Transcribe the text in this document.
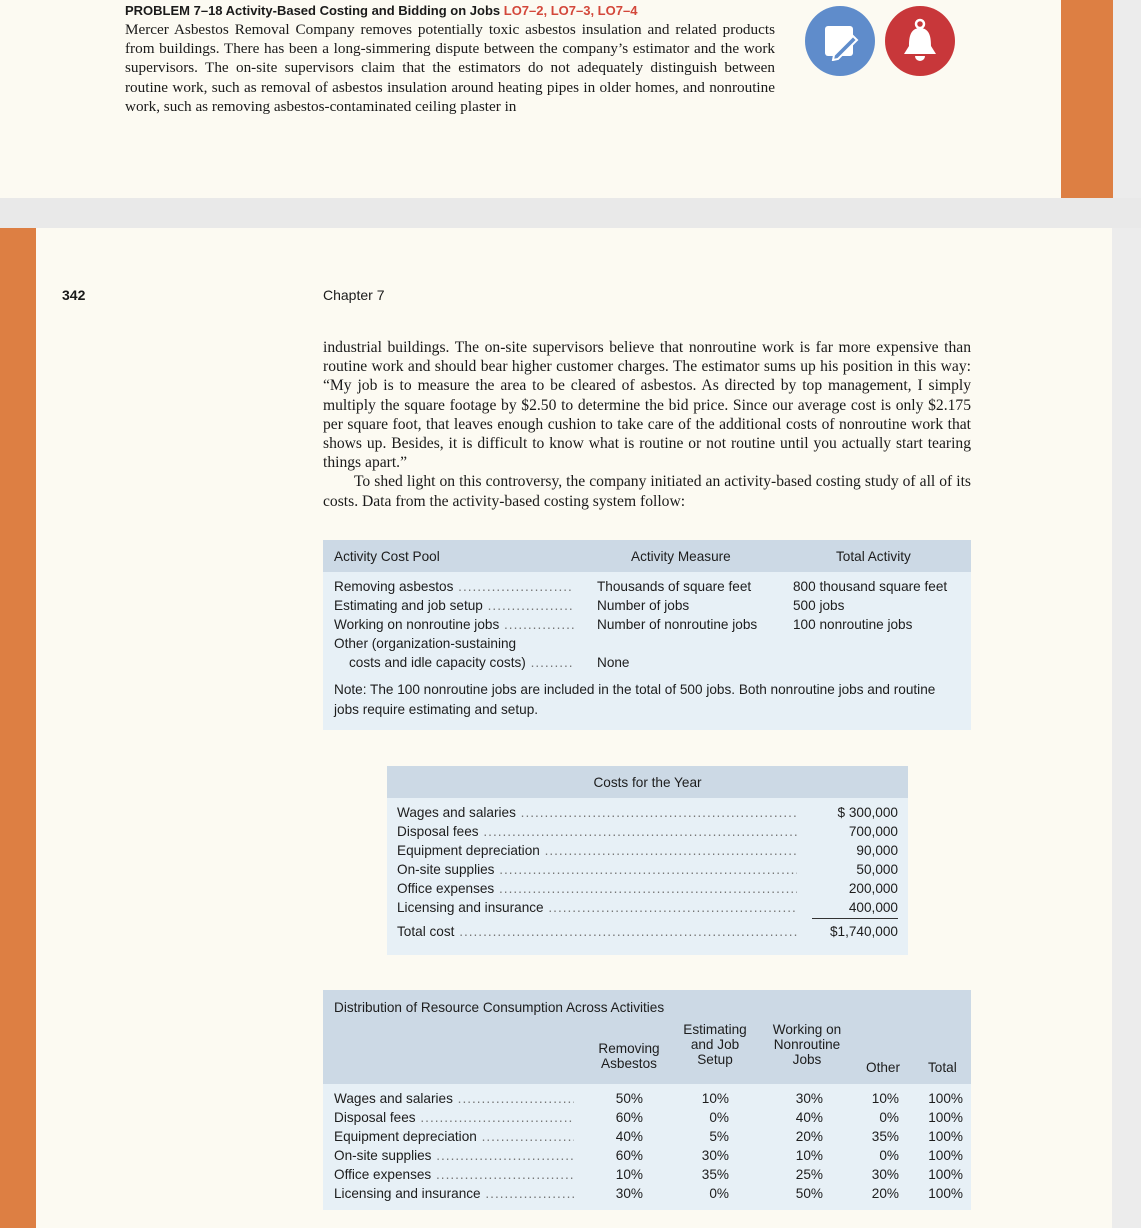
PROBLEM 7–18 Activity-Based Costing and Bidding on Jobs LO7–2, LO7–3, LO7–4
Mercer Asbestos Removal Company removes potentially toxic asbestos insulation and related products from buildings. There has been a long-simmering dispute between the company’s estimator and the work supervisors. The on-site supervisors claim that the estimators do not adequately distinguish between routine work, such as removal of asbestos insulation around heating pipes in older homes, and nonroutine work, such as removing asbestos-contaminated ceiling plaster in
342	Chapter 7

industrial buildings. The on-site supervisors believe that nonroutine work is far more expensive than routine work and should bear higher customer charges. The estimator sums up his position in this way: “My job is to measure the area to be cleared of asbestos. As directed by top management, I simply multiply the square footage by $2.50 to determine the bid price. Since our average cost is only $2.175 per square foot, that leaves enough cushion to take care of the additional costs of nonroutine work that shows up. Besides, it is difficult to know what is routine or not routine until you actually start tearing things apart.”

To shed light on this controversy, the company initiated an activity-based costing study of all of its costs. Data from the activity-based costing system follow:

Activity Cost Pool	Activity Measure	Total Activity
Removing asbestos .....	Thousands of square feet	800 thousand square feet
Estimating and job setup .....	Number of jobs	500 jobs
Working on nonroutine jobs .....	Number of nonroutine jobs	100 nonroutine jobs
Other (organization-sustaining
costs and idle capacity costs) .....	None
Note: The 100 nonroutine jobs are included in the total of 500 jobs. Both nonroutine jobs and routine jobs require estimating and setup.
Costs for the Year
Wages and salaries .....	$ 300,000
Disposal fees .....	700,000
Equipment depreciation .....	90,000
On-site supplies .....	50,000
Office expenses .....	200,000
Licensing and insurance .....	400,000
Total cost .....	$1,740,000
Distribution of Resource Consumption Across Activities
Removing
Asbestos
Estimating
and Job
Setup
Working on
Nonroutine
Jobs
Other Total
Wages and salaries .....	50%	10%	30%	10%	100%
Disposal fees .....	60%	0%	40%	0%	100%
Equipment depreciation .....	40%	5%	20%	35%	100%
On-site supplies .....	60%	30%	10%	0%	100%
Office expenses .....	10%	35%	25%	30%	100%
Licensing and insurance .....	30%	0%	50%	20%	100%
